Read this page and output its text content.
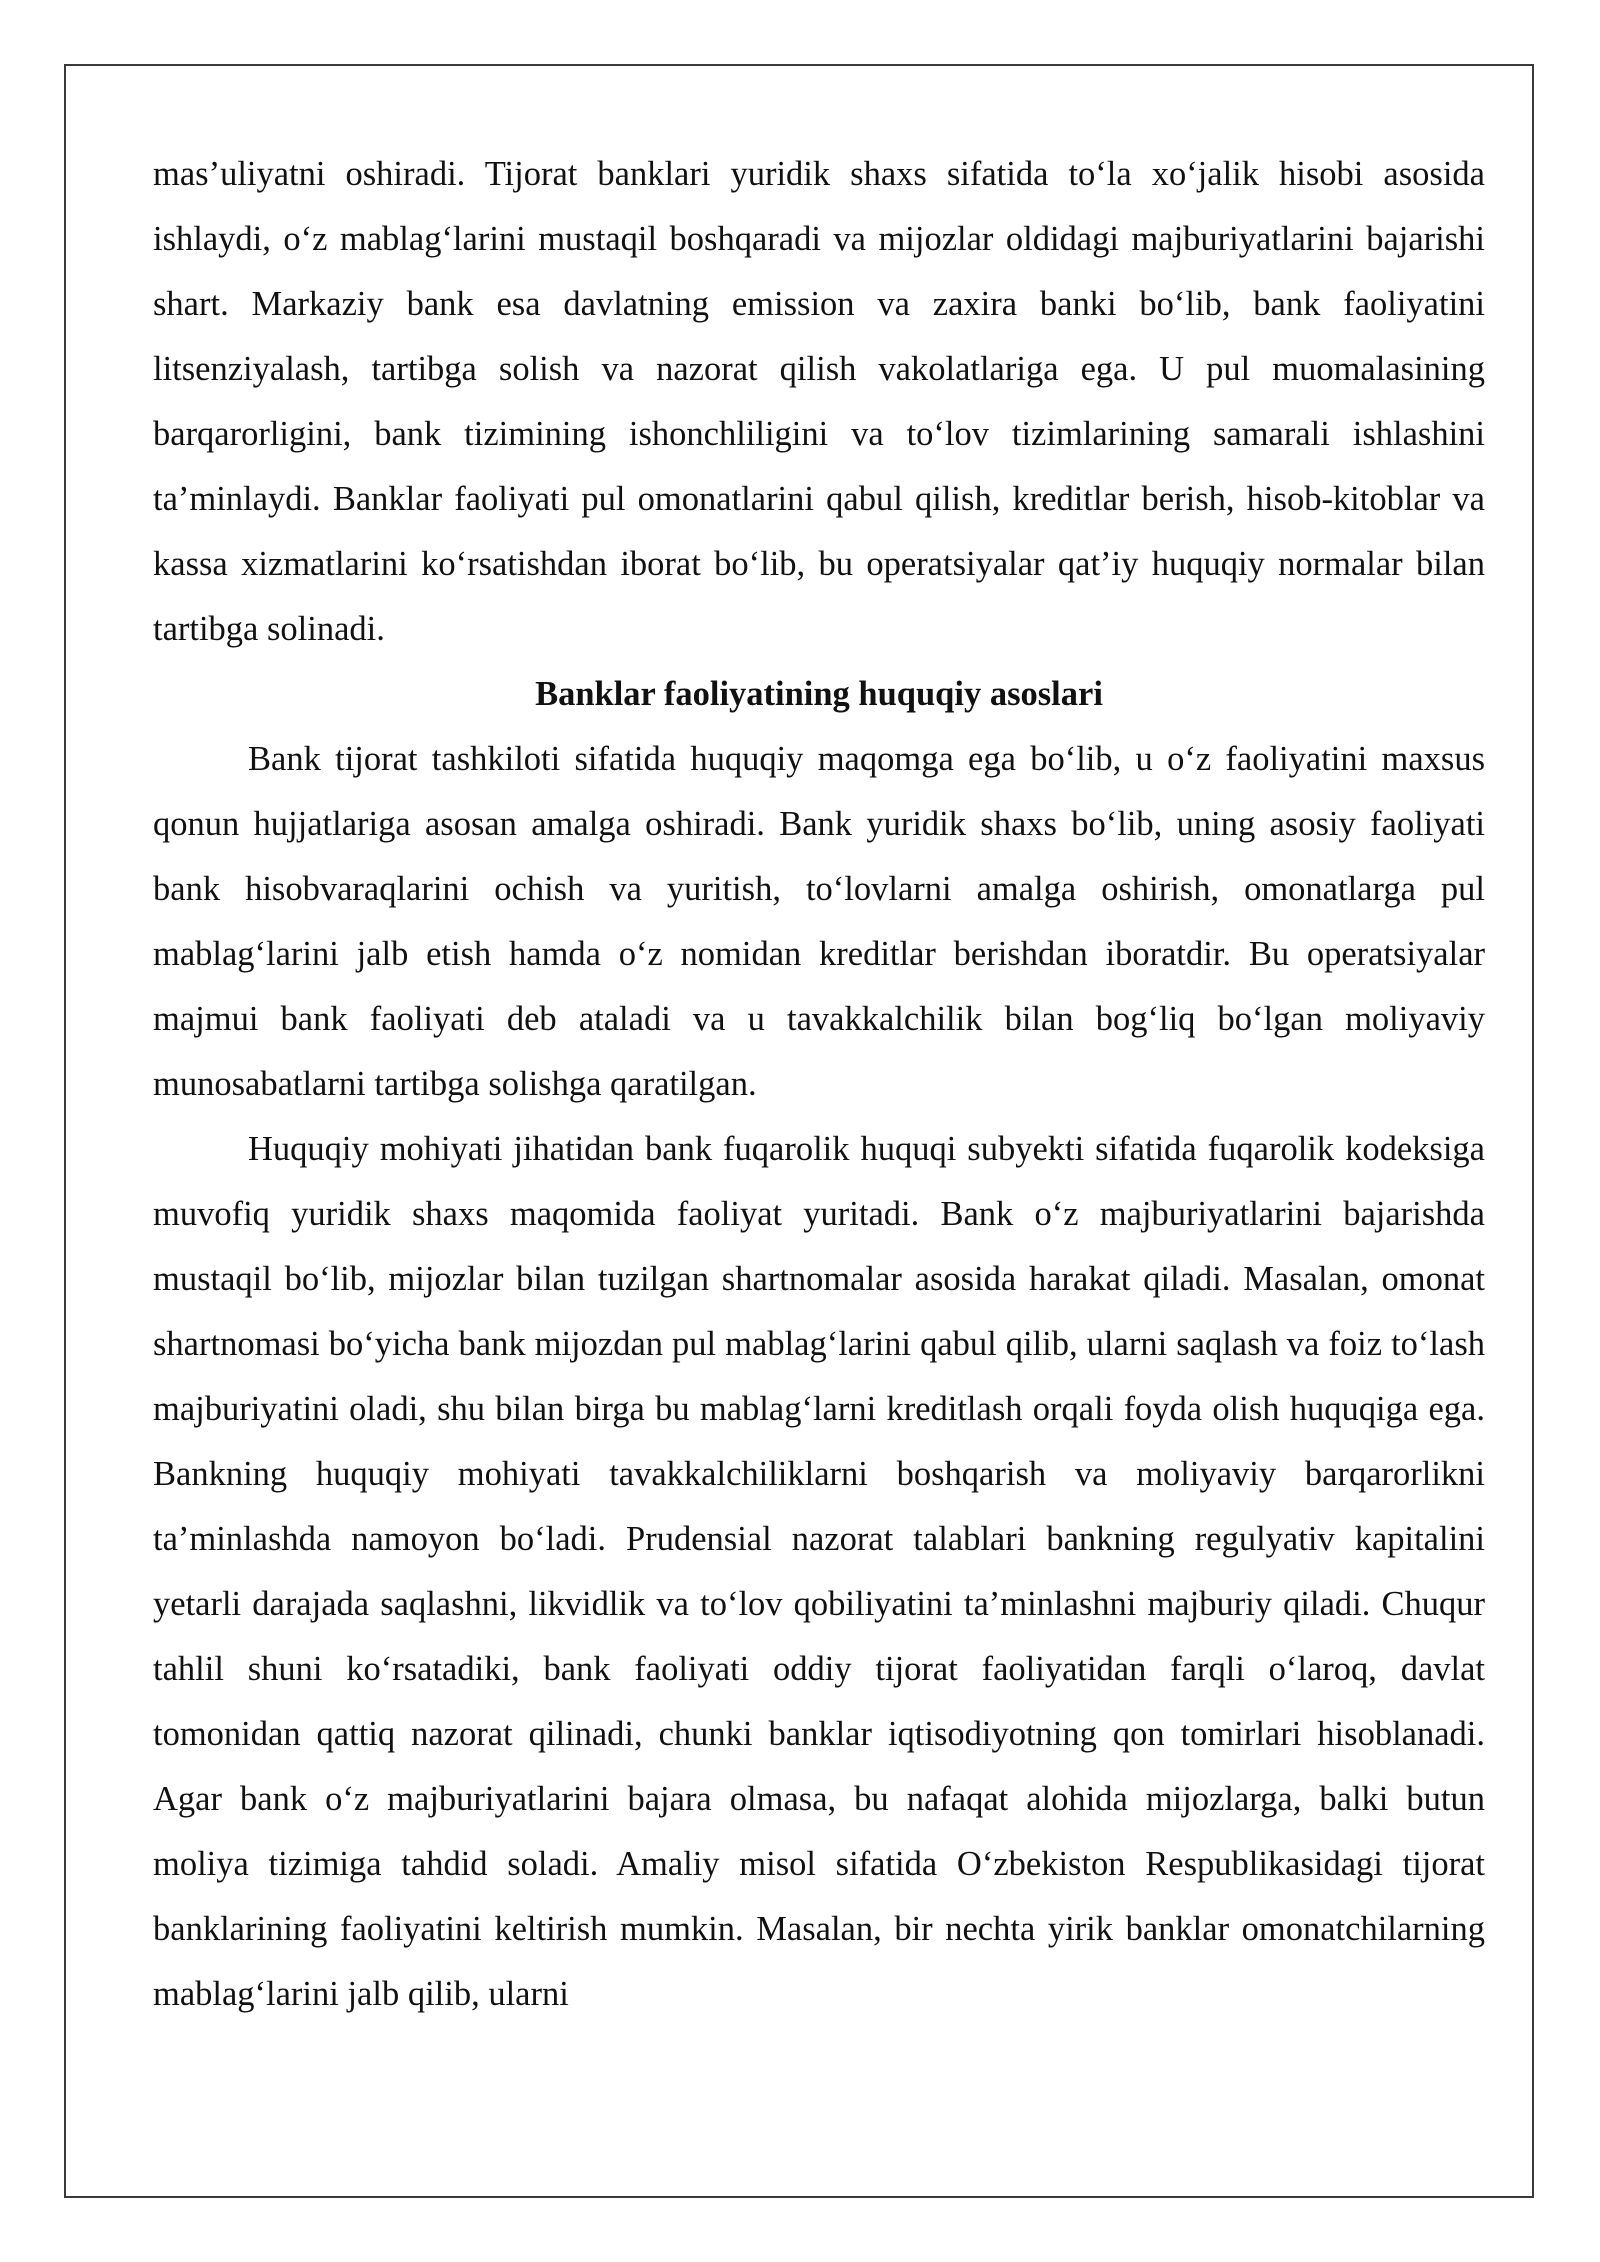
mas’uliyatni oshiradi. Tijorat banklari yuridik shaxs sifatida to‘la xo‘jalik hisobi asosida ishlaydi, o‘z mablag‘larini mustaqil boshqaradi va mijozlar oldidagi majburiyatlarini bajarishi shart. Markaziy bank esa davlatning emission va zaxira banki bo‘lib, bank faoliyatini litsenziyalash, tartibga solish va nazorat qilish vakolatlariga ega. U pul muomalasining barqarorligini, bank tizimining ishonchliligini va to‘lov tizimlarining samarali ishlashini ta’minlaydi. Banklar faoliyati pul omonatlarini qabul qilish, kreditlar berish, hisob-kitoblar va kassa xizmatlarini ko‘rsatishdan iborat bo‘lib, bu operatsiyalar qat’iy huquqiy normalar bilan tartibga solinadi.

Banklar faoliyatining huquqiy asoslari

Bank tijorat tashkiloti sifatida huquqiy maqomga ega bo‘lib, u o‘z faoliyatini maxsus qonun hujjatlariga asosan amalga oshiradi. Bank yuridik shaxs bo‘lib, uning asosiy faoliyati bank hisobvaraqlarini ochish va yuritish, to‘lovlarni amalga oshirish, omonatlarga pul mablag‘larini jalb etish hamda o‘z nomidan kreditlar berishdan iboratdir. Bu operatsiyalar majmui bank faoliyati deb ataladi va u tavakkalchilik bilan bog‘liq bo‘lgan moliyaviy munosabatlarni tartibga solishga qaratilgan.

Huquqiy mohiyati jihatidan bank fuqarolik huquqi subyekti sifatida fuqarolik kodeksiga muvofiq yuridik shaxs maqomida faoliyat yuritadi. Bank o‘z majburiyatlarini bajarishda mustaqil bo‘lib, mijozlar bilan tuzilgan shartnomalar asosida harakat qiladi. Masalan, omonat shartnomasi bo‘yicha bank mijozdan pul mablag‘larini qabul qilib, ularni saqlash va foiz to‘lash majburiyatini oladi, shu bilan birga bu mablag‘larni kreditlash orqali foyda olish huquqiga ega. Bankning huquqiy mohiyati tavakkalchiliklarni boshqarish va moliyaviy barqarorlikni ta’minlashda namoyon bo‘ladi. Prudensial nazorat talablari bankning regulyativ kapitalini yetarli darajada saqlashni, likvidlik va to‘lov qobiliyatini ta’minlashni majburiy qiladi. Chuqur tahlil shuni ko‘rsatadiki, bank faoliyati oddiy tijorat faoliyatidan farqli o‘laroq, davlat tomonidan qattiq nazorat qilinadi, chunki banklar iqtisodiyotning qon tomirlari hisoblanadi. Agar bank o‘z majburiyatlarini bajara olmasa, bu nafaqat alohida mijozlarga, balki butun moliya tizimiga tahdid soladi. Amaliy misol sifatida O‘zbekiston Respublikasidagi tijorat banklarining faoliyatini keltirish mumkin. Masalan, bir nechta yirik banklar omonatchilarning mablag‘larini jalb qilib, ularni
